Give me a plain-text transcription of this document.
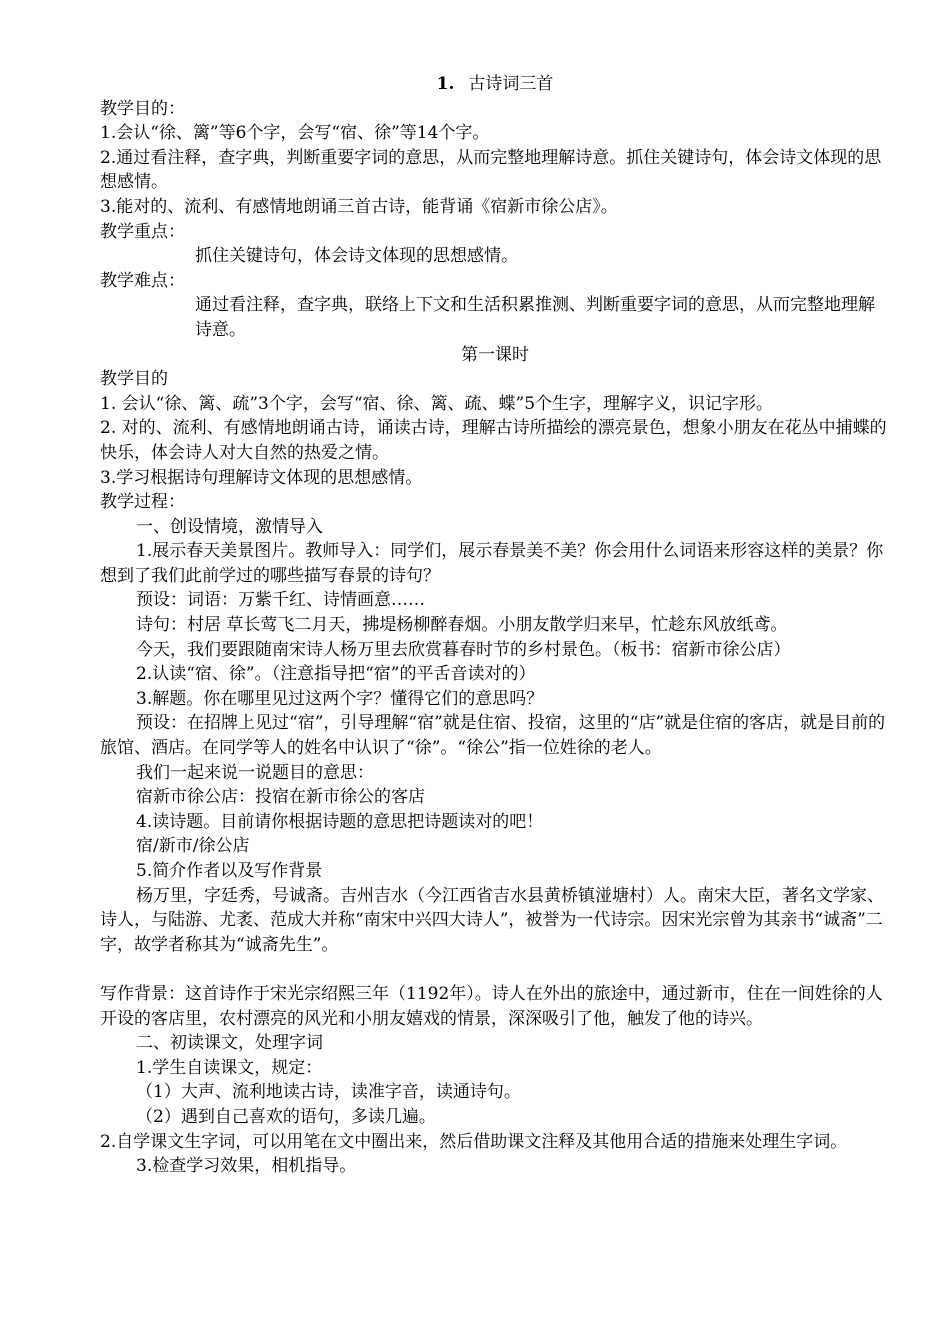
1. 古诗词三首

教学目的：

1.会认“徐、篱”等6个字，会写“宿、徐”等14个字。

2.通过看注释，查字典，判断重要字词的意思，从而完整地理解诗意。抓住关键诗句，体会诗文体现的思想感情。

3.能对的、流利、有感情地朗诵三首古诗，能背诵《宿新市徐公店》。

教学重点：

抓住关键诗句，体会诗文体现的思想感情。

教学难点：

通过看注释，查字典，联络上下文和生活积累推测、判断重要字词的意思，从而完整地理解诗意。

第一课时

教学目的

1. 会认“徐、篱、疏”3个字，会写“宿、徐、篱、疏、蝶”5个生字，理解字义，识记字形。

2. 对的、流利、有感情地朗诵古诗，诵读古诗，理解古诗所描绘的漂亮景色，想象小朋友在花丛中捕蝶的快乐，体会诗人对大自然的热爱之情。

3.学习根据诗句理解诗文体现的思想感情。

教学过程：

一、创设情境，激情导入

1.展示春天美景图片。教师导入：同学们，展示春景美不美？你会用什么词语来形容这样的美景？你想到了我们此前学过的哪些描写春景的诗句？

预设：词语：万紫千红、诗情画意……

诗句：村居 草长莺飞二月天，拂堤杨柳醉春烟。小朋友散学归来早，忙趁东风放纸鸢。

今天，我们要跟随南宋诗人杨万里去欣赏暮春时节的乡村景色。（板书：宿新市徐公店）

2.认读“宿、徐”。（注意指导把“宿”的平舌音读对的）

3.解题。你在哪里见过这两个字？懂得它们的意思吗？

预设：在招牌上见过“宿”，引导理解“宿”就是住宿、投宿，这里的“店”就是住宿的客店，就是目前的旅馆、酒店。在同学等人的姓名中认识了“徐”。“徐公”指一位姓徐的老人。

我们一起来说一说题目的意思：

宿新市徐公店：投宿在新市徐公的客店

4.读诗题。目前请你根据诗题的意思把诗题读对的吧！

宿/新市/徐公店

5.简介作者以及写作背景

杨万里，字廷秀，号诚斋。吉州吉水（今江西省吉水县黄桥镇湴塘村）人。南宋大臣，著名文学家、诗人，与陆游、尤袤、范成大并称“南宋中兴四大诗人”，被誉为一代诗宗。因宋光宗曾为其亲书“诚斋”二字，故学者称其为“诚斋先生”。

写作背景：这首诗作于宋光宗绍熙三年（1192年）。诗人在外出的旅途中，通过新市，住在一间姓徐的人开设的客店里，农村漂亮的风光和小朋友嬉戏的情景，深深吸引了他，触发了他的诗兴。

二、初读课文，处理字词

1.学生自读课文，规定：

（1）大声、流利地读古诗，读准字音，读通诗句。

（2）遇到自己喜欢的语句，多读几遍。

2.自学课文生字词，可以用笔在文中圈出来，然后借助课文注释及其他用合适的措施来处理生字词。

3.检查学习效果，相机指导。
